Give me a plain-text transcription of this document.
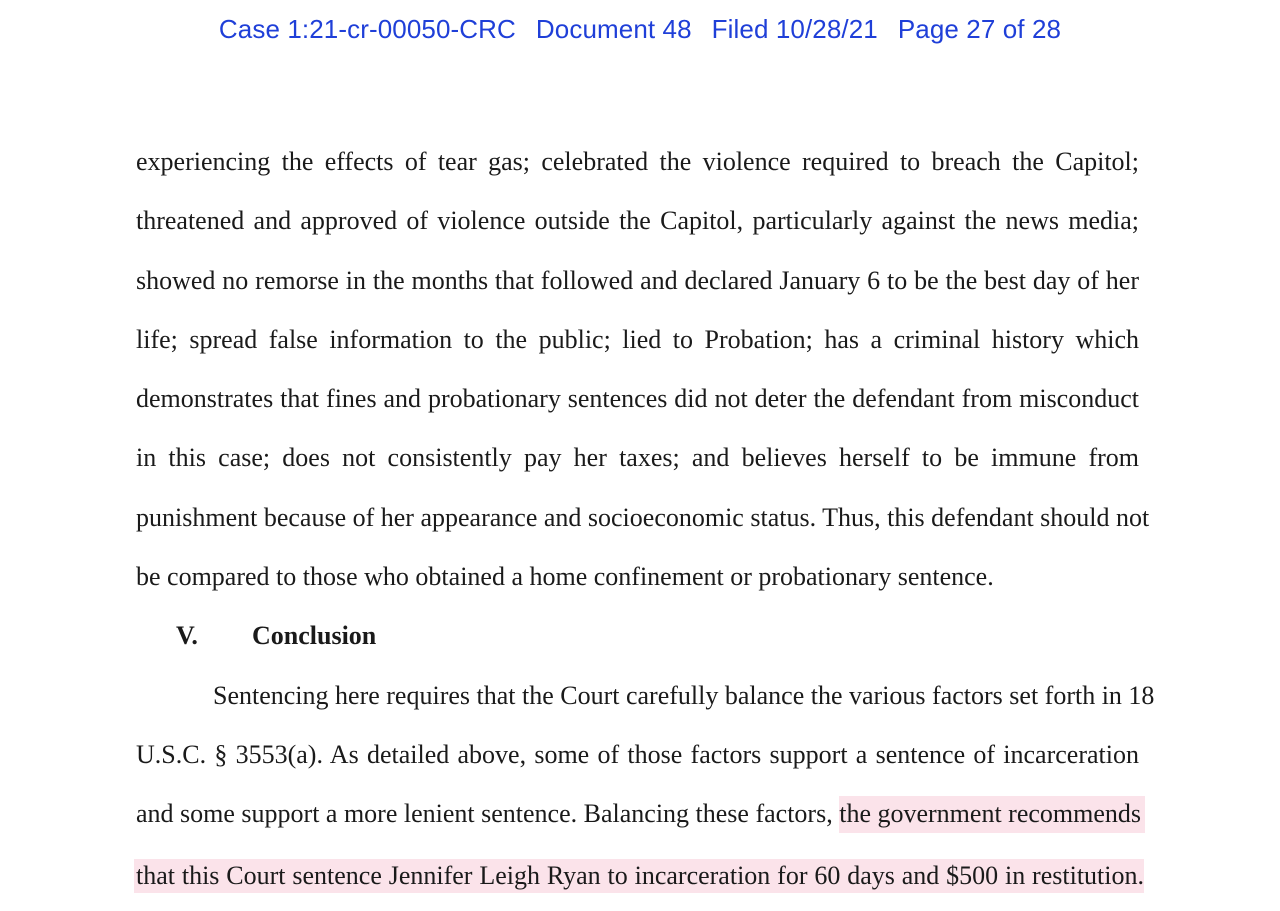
Case 1:21-cr-00050-CRC Document 48 Filed 10/28/21 Page 27 of 28
experiencing the effects of tear gas; celebrated the violence required to breach the Capitol;
threatened and approved of violence outside the Capitol, particularly against the news media;
showed no remorse in the months that followed and declared January 6 to be the best day of her
life; spread false information to the public; lied to Probation; has a criminal history which
demonstrates that fines and probationary sentences did not deter the defendant from misconduct
in this case; does not consistently pay her taxes; and believes herself to be immune from
punishment because of her appearance and socioeconomic status. Thus, this defendant should not
be compared to those who obtained a home confinement or probationary sentence.
V. Conclusion
Sentencing here requires that the Court carefully balance the various factors set forth in 18
U.S.C. § 3553(a). As detailed above, some of those factors support a sentence of incarceration
and some support a more lenient sentence. Balancing these factors, the government recommends
that this Court sentence Jennifer Leigh Ryan to incarceration for 60 days and $500 in restitution.
